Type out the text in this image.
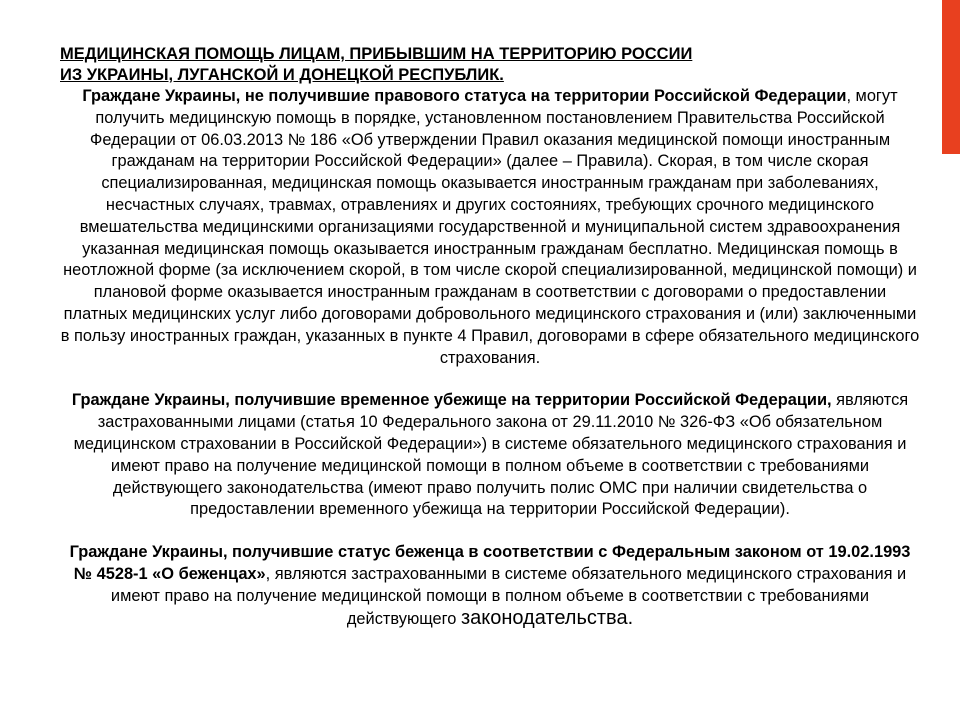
МЕДИЦИНСКАЯ ПОМОЩЬ ЛИЦАМ, ПРИБЫВШИМ НА ТЕРРИТОРИЮ РОССИИ
ИЗ УКРАИНЫ, ЛУГАНСКОЙ И ДОНЕЦКОЙ РЕСПУБЛИК.

Граждане Украины, не получившие правового статуса на территории Российской Федерации, могут получить медицинскую помощь в порядке, установленном постановлением Правительства Российской Федерации от 06.03.2013 № 186 «Об утверждении Правил оказания медицинской помощи иностранным гражданам на территории Российской Федерации» (далее – Правила). Скорая, в том числе скорая специализированная, медицинская помощь оказывается иностранным гражданам при заболеваниях, несчастных случаях, травмах, отравлениях и других состояниях, требующих срочного медицинского вмешательства медицинскими организациями государственной и муниципальной систем здравоохранения указанная медицинская помощь оказывается иностранным гражданам бесплатно. Медицинская помощь в неотложной форме (за исключением скорой, в том числе скорой специализированной, медицинской помощи) и плановой форме оказывается иностранным гражданам в соответствии с договорами о предоставлении платных медицинских услуг либо договорами добровольного медицинского страхования и (или) заключенными в пользу иностранных граждан, указанных в пункте 4 Правил, договорами в сфере обязательного медицинского страхования.

Граждане Украины, получившие временное убежище на территории Российской Федерации, являются застрахованными лицами (статья 10 Федерального закона от 29.11.2010 № 326-ФЗ «Об обязательном медицинском страховании в Российской Федерации») в системе обязательного медицинского страхования и имеют право на получение медицинской помощи в полном объеме в соответствии с требованиями действующего законодательства (имеют право получить полис ОМС при наличии свидетельства о предоставлении временного убежища на территории Российской Федерации).

Граждане Украины, получившие статус беженца в соответствии с Федеральным законом от 19.02.1993 № 4528-1 «О беженцах», являются застрахованными в системе обязательного медицинского страхования и имеют право на получение медицинской помощи в полном объеме в соответствии с требованиями действующего законодательства.
